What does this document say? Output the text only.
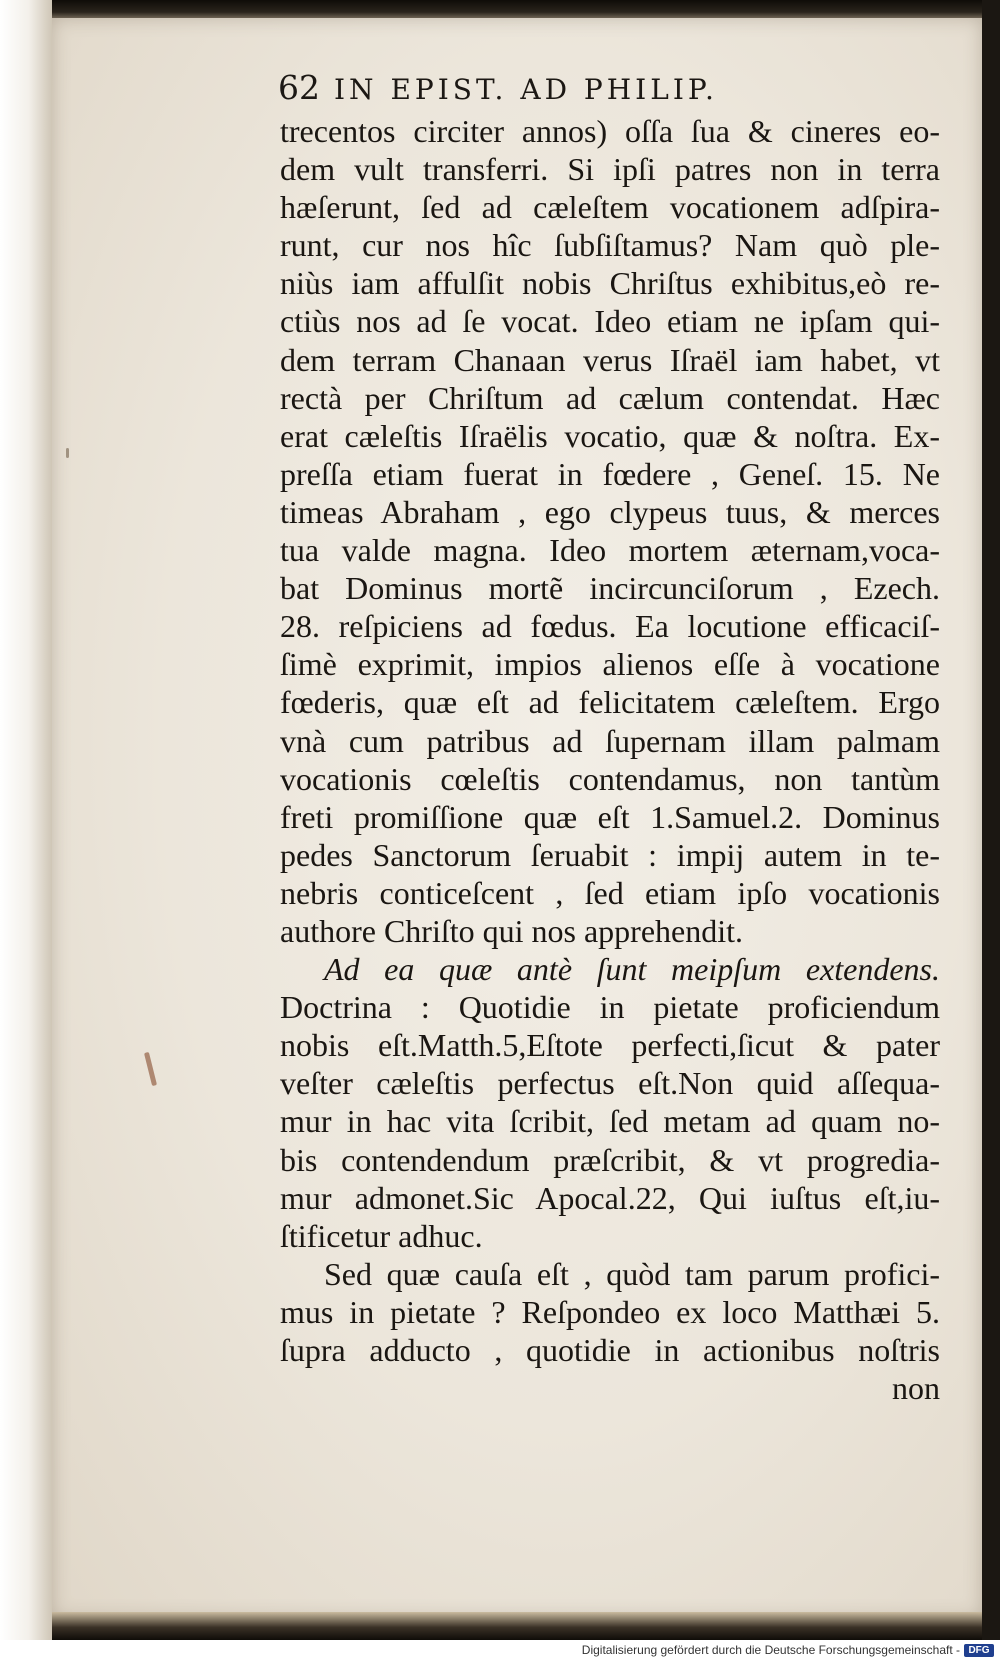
62 IN EPIST. AD PHILIP.
trecentos circiter annos) oſſa ſua & cineres eo-
dem vult transferri. Si ipſi patres non in terra
hæſerunt, ſed ad cæleſtem vocationem adſpira-
runt, cur nos hîc ſubſiſtamus? Nam quò ple-
niùs iam affulſit nobis Chriſtus exhibitus,eò re-
ctiùs nos ad ſe vocat. Ideo etiam ne ipſam qui-
dem terram Chanaan verus Iſraël iam habet, vt
rectà per Chriſtum ad cælum contendat. Hæc
erat cæleſtis Iſraëlis vocatio, quæ & noſtra. Ex-
preſſa etiam fuerat in fœdere , Geneſ. 15. Ne
timeas Abraham , ego clypeus tuus, & merces
tua valde magna. Ideo mortem æternam,voca-
bat Dominus mortẽ incircunciſorum , Ezech.
28. reſpiciens ad fœdus. Ea locutione efficaciſ-
ſimè exprimit, impios alienos eſſe à vocatione
fœderis, quæ eſt ad felicitatem cæleſtem. Ergo
vnà cum patribus ad ſupernam illam palmam
vocationis cœleſtis contendamus, non tantùm
freti promiſſione quæ eſt 1.Samuel.2. Dominus
pedes Sanctorum ſeruabit : impij autem in te-
nebris conticeſcent , ſed etiam ipſo vocationis
authore Chriſto qui nos apprehendit.
Ad ea quæ antè ſunt meipſum extendens.
Doctrina : Quotidie in pietate proficiendum
nobis eſt.Matth.5,Eſtote perfecti,ſicut & pater
veſter cæleſtis perfectus eſt.Non quid aſſequa-
mur in hac vita ſcribit, ſed metam ad quam no-
bis contendendum præſcribit, & vt progredia-
mur admonet.Sic Apocal.22, Qui iuſtus eſt,iu-
ſtificetur adhuc.
Sed quæ cauſa eſt , quòd tam parum profici-
mus in pietate ? Reſpondeo ex loco Matthæi 5.
ſupra adducto , quotidie in actionibus noſtris
non
Digitalisierung gefördert durch die Deutsche Forschungsgemeinschaft - DFG
